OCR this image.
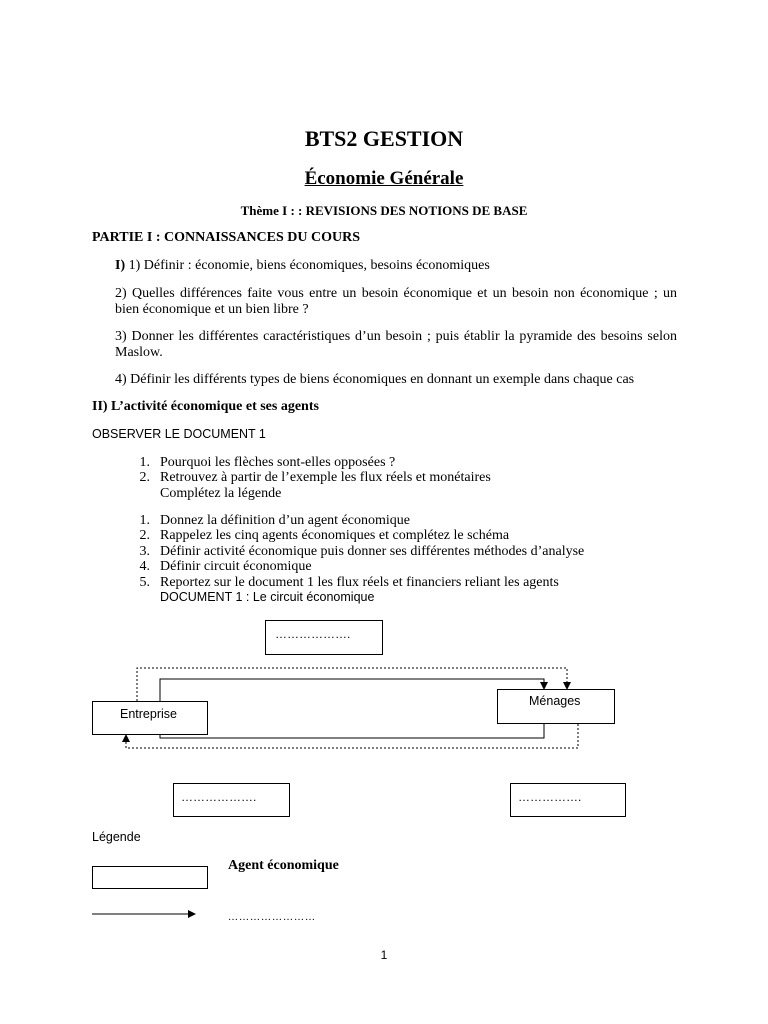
BTS2 GESTION
Économie Générale
Thème I : : REVISIONS DES NOTIONS DE BASE
PARTIE I : CONNAISSANCES DU COURS
I) 1) Définir : économie, biens économiques, besoins économiques
2) Quelles différences faite vous entre un besoin économique et un besoin non économique ; un bien économique et un bien libre ?
3) Donner les différentes caractéristiques d’un besoin ; puis établir la pyramide des besoins selon Maslow.
4) Définir les différents types de biens économiques en donnant un exemple dans chaque cas
II) L’activité économique et ses agents
OBSERVER LE DOCUMENT 1
1. Pourquoi les flèches sont-elles opposées ?
2. Retrouvez à partir de l’exemple les flux réels et monétaires
Complétez la légende
1. Donnez la définition d’un agent économique
2. Rappelez les cinq agents économiques et complétez le schéma
3. Définir activité économique puis donner ses différentes méthodes d’analyse
4. Définir circuit économique
5. Reportez sur le document 1 les flux réels et financiers reliant les agents
DOCUMENT 1 : Le circuit économique
……………….
Entreprise
Ménages
……………….	…………….
Légende
Agent économique
……………………
1
